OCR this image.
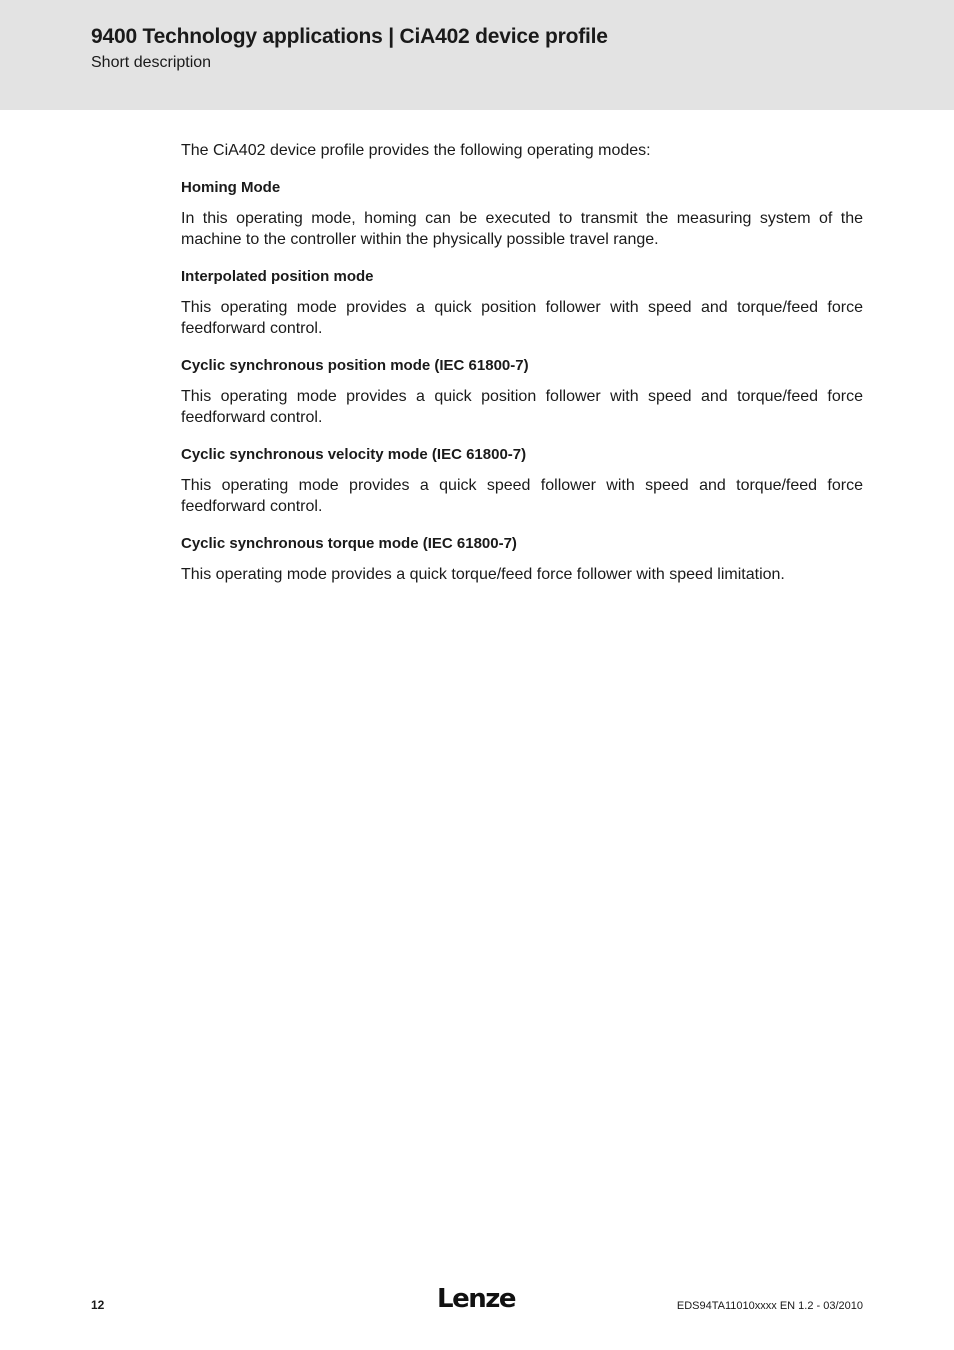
9400 Technology applications | CiA402 device profile
Short description

The CiA402 device profile provides the following operating modes:

Homing Mode

In this operating mode, homing can be executed to transmit the measuring system of the machine to the controller within the physically possible travel range.

Interpolated position mode

This operating mode provides a quick position follower with speed and torque/feed force feedforward control.

Cyclic synchronous position mode (IEC 61800-7)

This operating mode provides a quick position follower with speed and torque/feed force feedforward control.

Cyclic synchronous velocity mode (IEC 61800-7)

This operating mode provides a quick speed follower with speed and torque/feed force feedforward control.

Cyclic synchronous torque mode (IEC 61800-7)

This operating mode provides a quick torque/feed force follower with speed limitation.

12	Lenze	EDS94TA11010xxxx EN 1.2 - 03/2010
